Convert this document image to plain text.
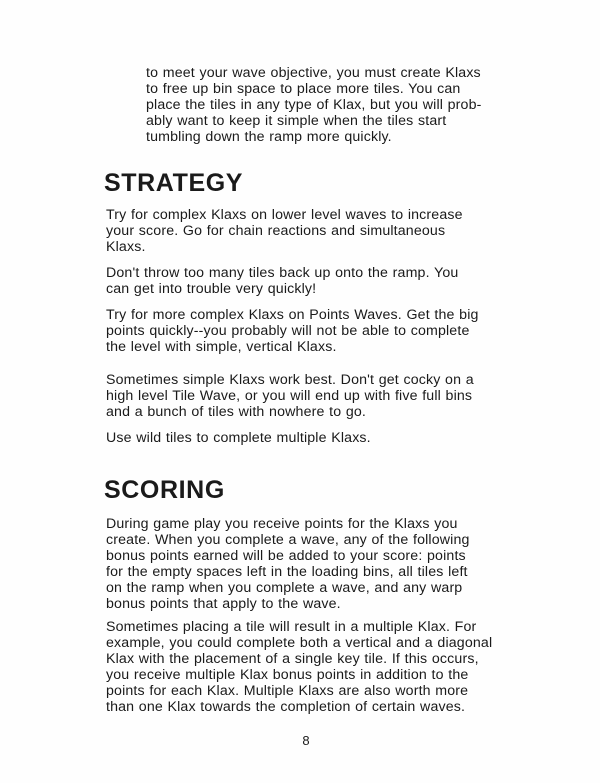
to meet your wave objective, you must create Klaxs
to free up bin space to place more tiles. You can
place the tiles in any type of Klax, but you will prob-
ably want to keep it simple when the tiles start
tumbling down the ramp more quickly.

STRATEGY

Try for complex Klaxs on lower level waves to increase
your score. Go for chain reactions and simultaneous
Klaxs.

Don't throw too many tiles back up onto the ramp. You
can get into trouble very quickly!

Try for more complex Klaxs on Points Waves. Get the big
points quickly--you probably will not be able to complete
the level with simple, vertical Klaxs.

Sometimes simple Klaxs work best. Don't get cocky on a
high level Tile Wave, or you will end up with five full bins
and a bunch of tiles with nowhere to go.

Use wild tiles to complete multiple Klaxs.

SCORING

During game play you receive points for the Klaxs you
create. When you complete a wave, any of the following
bonus points earned will be added to your score: points
for the empty spaces left in the loading bins, all tiles left
on the ramp when you complete a wave, and any warp
bonus points that apply to the wave.

Sometimes placing a tile will result in a multiple Klax. For
example, you could complete both a vertical and a diagonal
Klax with the placement of a single key tile. If this occurs,
you receive multiple Klax bonus points in addition to the
points for each Klax. Multiple Klaxs are also worth more
than one Klax towards the completion of certain waves.

8
